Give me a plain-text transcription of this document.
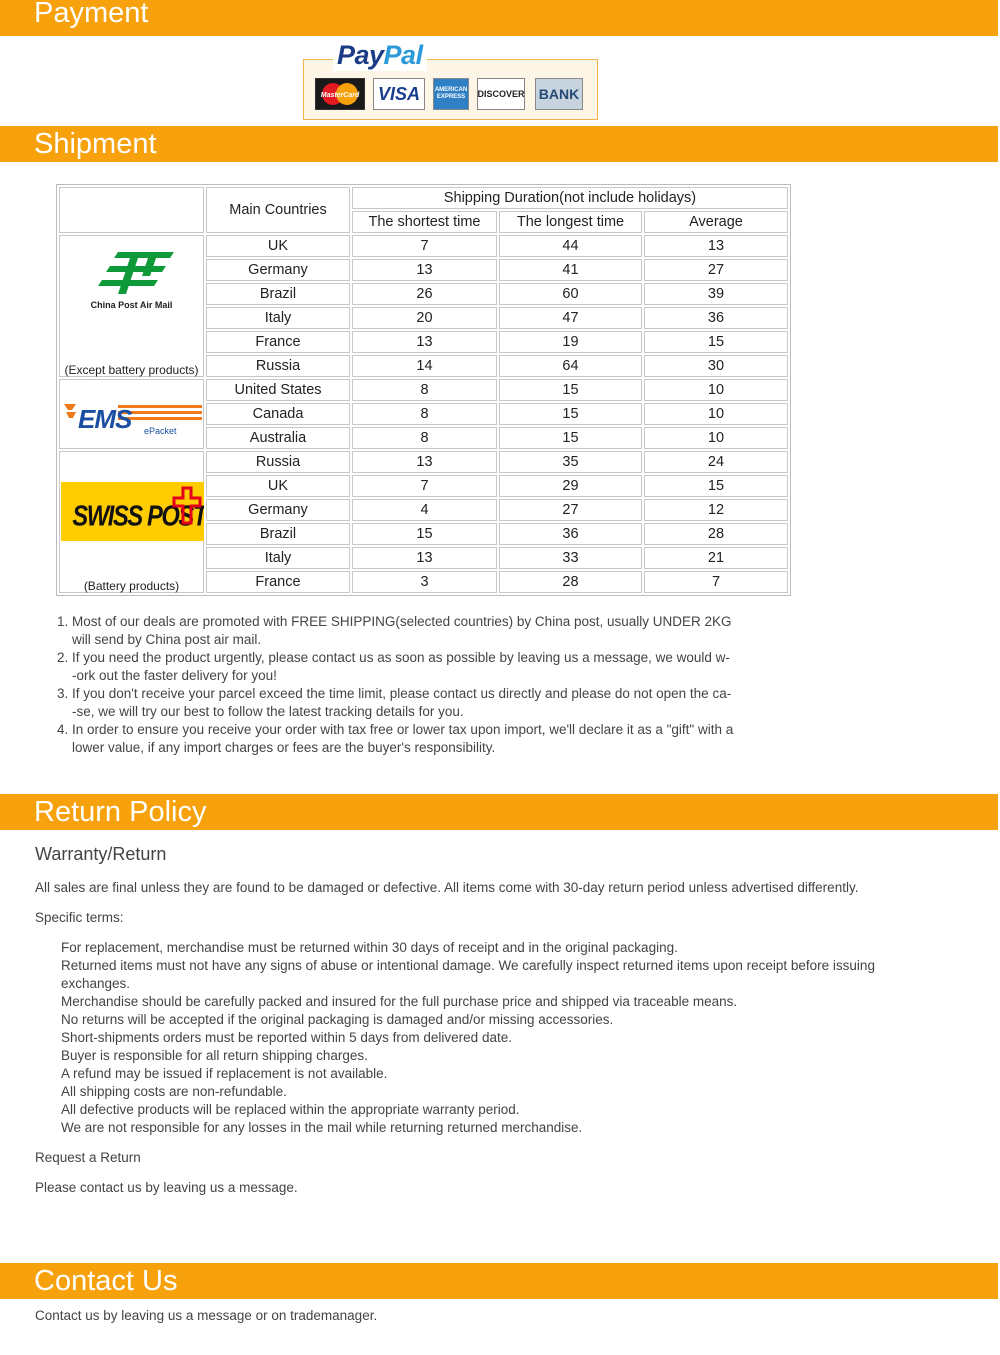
Payment
PayPal
MasterCard VISA	AMERICAN EXPRESS	DISCOVER BANK
Shipment
	Main Countries	Shipping Duration(not include holidays)		
		The shortest time	The longest time	Average

China Post Air Mail
(Except battery products)	UK	7	44	13
	Germany	13	41	27
	Brazil	26	60	39
	Italy	20	47	36
	France	13	19	15
	Russia	14	64	30

EMS ePacket	United States	8	15	10
	Canada	8	15	10
	Australia	8	15	10

SWISS POST
(Battery products)	Russia	13	35	24
	UK	7	29	15
	Germany	4	27	12
	Brazil	15	36	28
	Italy	13	33	21
	France	3	28	7
1. Most of our deals are promoted with FREE SHIPPING(selected countries) by China post, usually UNDER 2KG
will send by China post air mail.
2. If you need the product urgently, please contact us as soon as possible by leaving us a message, we would w-
-ork out the faster delivery for you!
3. If you don't receive your parcel exceed the time limit, please contact us directly and please do not open the ca-
-se, we will try our best to follow the latest tracking details for you.
4. In order to ensure you receive your order with tax free or lower tax upon import, we'll declare it as a "gift" with a
lower value, if any import charges or fees are the buyer's responsibility.
Return Policy
Warranty/Return
All sales are final unless they are found to be damaged or defective. All items come with 30-day return period unless advertised differently.
Specific terms:
For replacement, merchandise must be returned within 30 days of receipt and in the original packaging.
Returned items must not have any signs of abuse or intentional damage. We carefully inspect returned items upon receipt before issuing exchanges.
Merchandise should be carefully packed and insured for the full purchase price and shipped via traceable means.
No returns will be accepted if the original packaging is damaged and/or missing accessories.
Short-shipments orders must be reported within 5 days from delivered date.
Buyer is responsible for all return shipping charges.
A refund may be issued if replacement is not available.
All shipping costs are non-refundable.
All defective products will be replaced within the appropriate warranty period.
We are not responsible for any losses in the mail while returning returned merchandise.
Request a Return
Please contact us by leaving us a message.
Contact Us
Contact us by leaving us a message or on trademanager.
